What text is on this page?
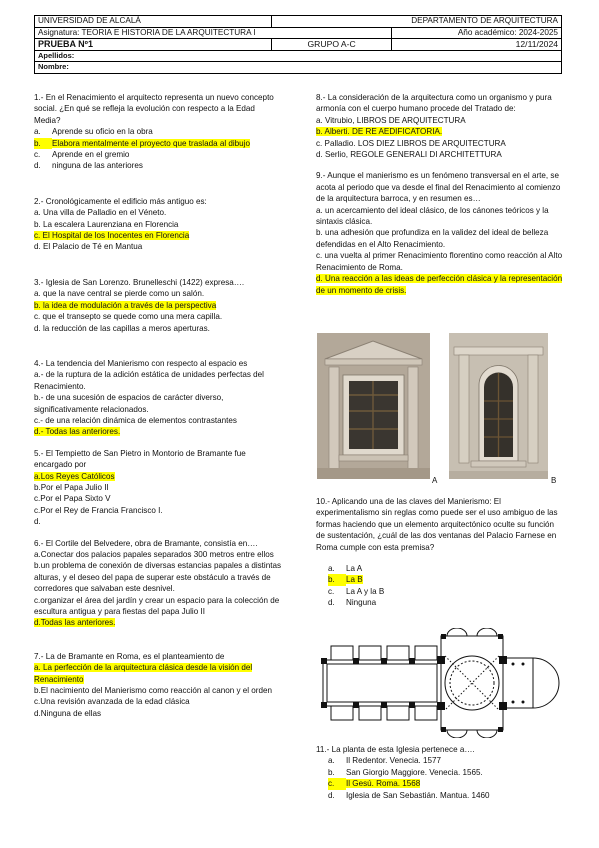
UNIVERSIDAD DE ALCALÁ	DEPARTAMENTO DE ARQUITECTURA	
Asignatura: TEORIA E HISTORIA DE LA ARQUITECTURA I		Año académico: 2024-2025
PRUEBA Nº1	GRUPO A-C	12/11/2024
Apellidos:		
Nombre:		

1.- En el Renacimiento el arquitecto representa un nuevo concepto social. ¿En qué se refleja la evolución con respecto a la Edad Media?

a.	Aprende su oficio en la obra
b.	Elabora mentalmente el proyecto que traslada al dibujo
c.	Aprende en el gremio
d.	ninguna de las anteriores

2.- Cronológicamente el edificio más antiguo es:

a. Una villa de Palladio en el Véneto.

b. La escalera Laurenziana en Florencia

c. El Hospital de los Inocentes en Florencia

d. El Palacio de Té en Mantua

3.- Iglesia de San Lorenzo. Brunelleschi (1422) expresa….

a. que la nave central se pierde como un salón.

b. la idea de modulación a través de la perspectiva

c. que el transepto se quede como una mera capilla.

d. la reducción de las capillas a meros aperturas.

4.- La tendencia del Manierismo con respecto al espacio es

a.- de la ruptura de la adición estática de unidades perfectas del Renacimiento.

b.- de una sucesión de espacios de carácter diverso, significativamente relacionados.

c.- de una relación dinámica de elementos contrastantes

d.- Todas las anteriores.

5.- El Tempietto de San Pietro in Montorio de Bramante fue encargado por

a.Los Reyes Católicos

b.Por el Papa Julio II

c.Por el Papa Sixto V

c.Por el Rey de Francia Francisco I.

d.

6.- El Cortile del Belvedere, obra de Bramante, consistía en….

a.Conectar dos palacios papales separados 300 metros entre ellos

b.un problema de conexión de diversas estancias papales a distintas alturas, y el deseo del papa de superar este obstáculo a través de corredores que salvaban este desnivel.

c.organizar el área del jardín y crear un espacio para la colección de escultura antigua y para fiestas del papa Julio II

d.Todas las anteriores.

7.- La de Bramante en Roma, es el planteamiento de

a. La perfección de la arquitectura clásica desde la visión del Renacimiento

b.El nacimiento del Manierismo como reacción al canon y el orden

c.Una revisión avanzada de la edad clásica

d.Ninguna de ellas

8.- La consideración de la arquitectura como un organismo y pura armonía con el cuerpo humano procede del Tratado de:

a. Vitrubio, LIBROS DE ARQUITECTURA

b. Alberti. DE RE AEDIFICATORIA.

c. Palladio. LOS DIEZ LIBROS DE ARQUITECTURA

d. Serlio, REGOLE GENERALI DI ARCHITETTURA

9.- Aunque el manierismo es un fenómeno transversal en el arte, se acota al periodo que va desde el final del Renacimiento al comienzo de la arquitectura barroca, y en resumen es…

a. un acercamiento del ideal clásico, de los cánones teóricos y la sintaxis clásica.

b. una adhesión que profundiza en la validez del ideal de belleza defendidas en el Alto Renacimiento.

c. una vuelta al primer Renacimiento florentino como reacción al Alto Renacimiento de Roma.

d. Una reacción a las ideas de perfección clásica y la representación de un momento de crisis.

A	B

10.- Aplicando una de las claves del Manierismo: El experimentalismo sin reglas como puede ser el uso ambiguo de las formas haciendo que un elemento arquitectónico oculte su función de sustentación, ¿cuál de las dos ventanas del Palacio Farnese en Roma cumple con esta premisa?

a.	La A
b.	La B
c.	La A y la B
d.	Ninguna

11.- La planta de esta Iglesia pertenece a….

a.	Il Redentor. Venecia. 1577
b.	San Giorgio Maggiore. Venecia. 1565.
c.	Il Gesú. Roma. 1568
d.	Iglesia de San Sebastián. Mantua. 1460
